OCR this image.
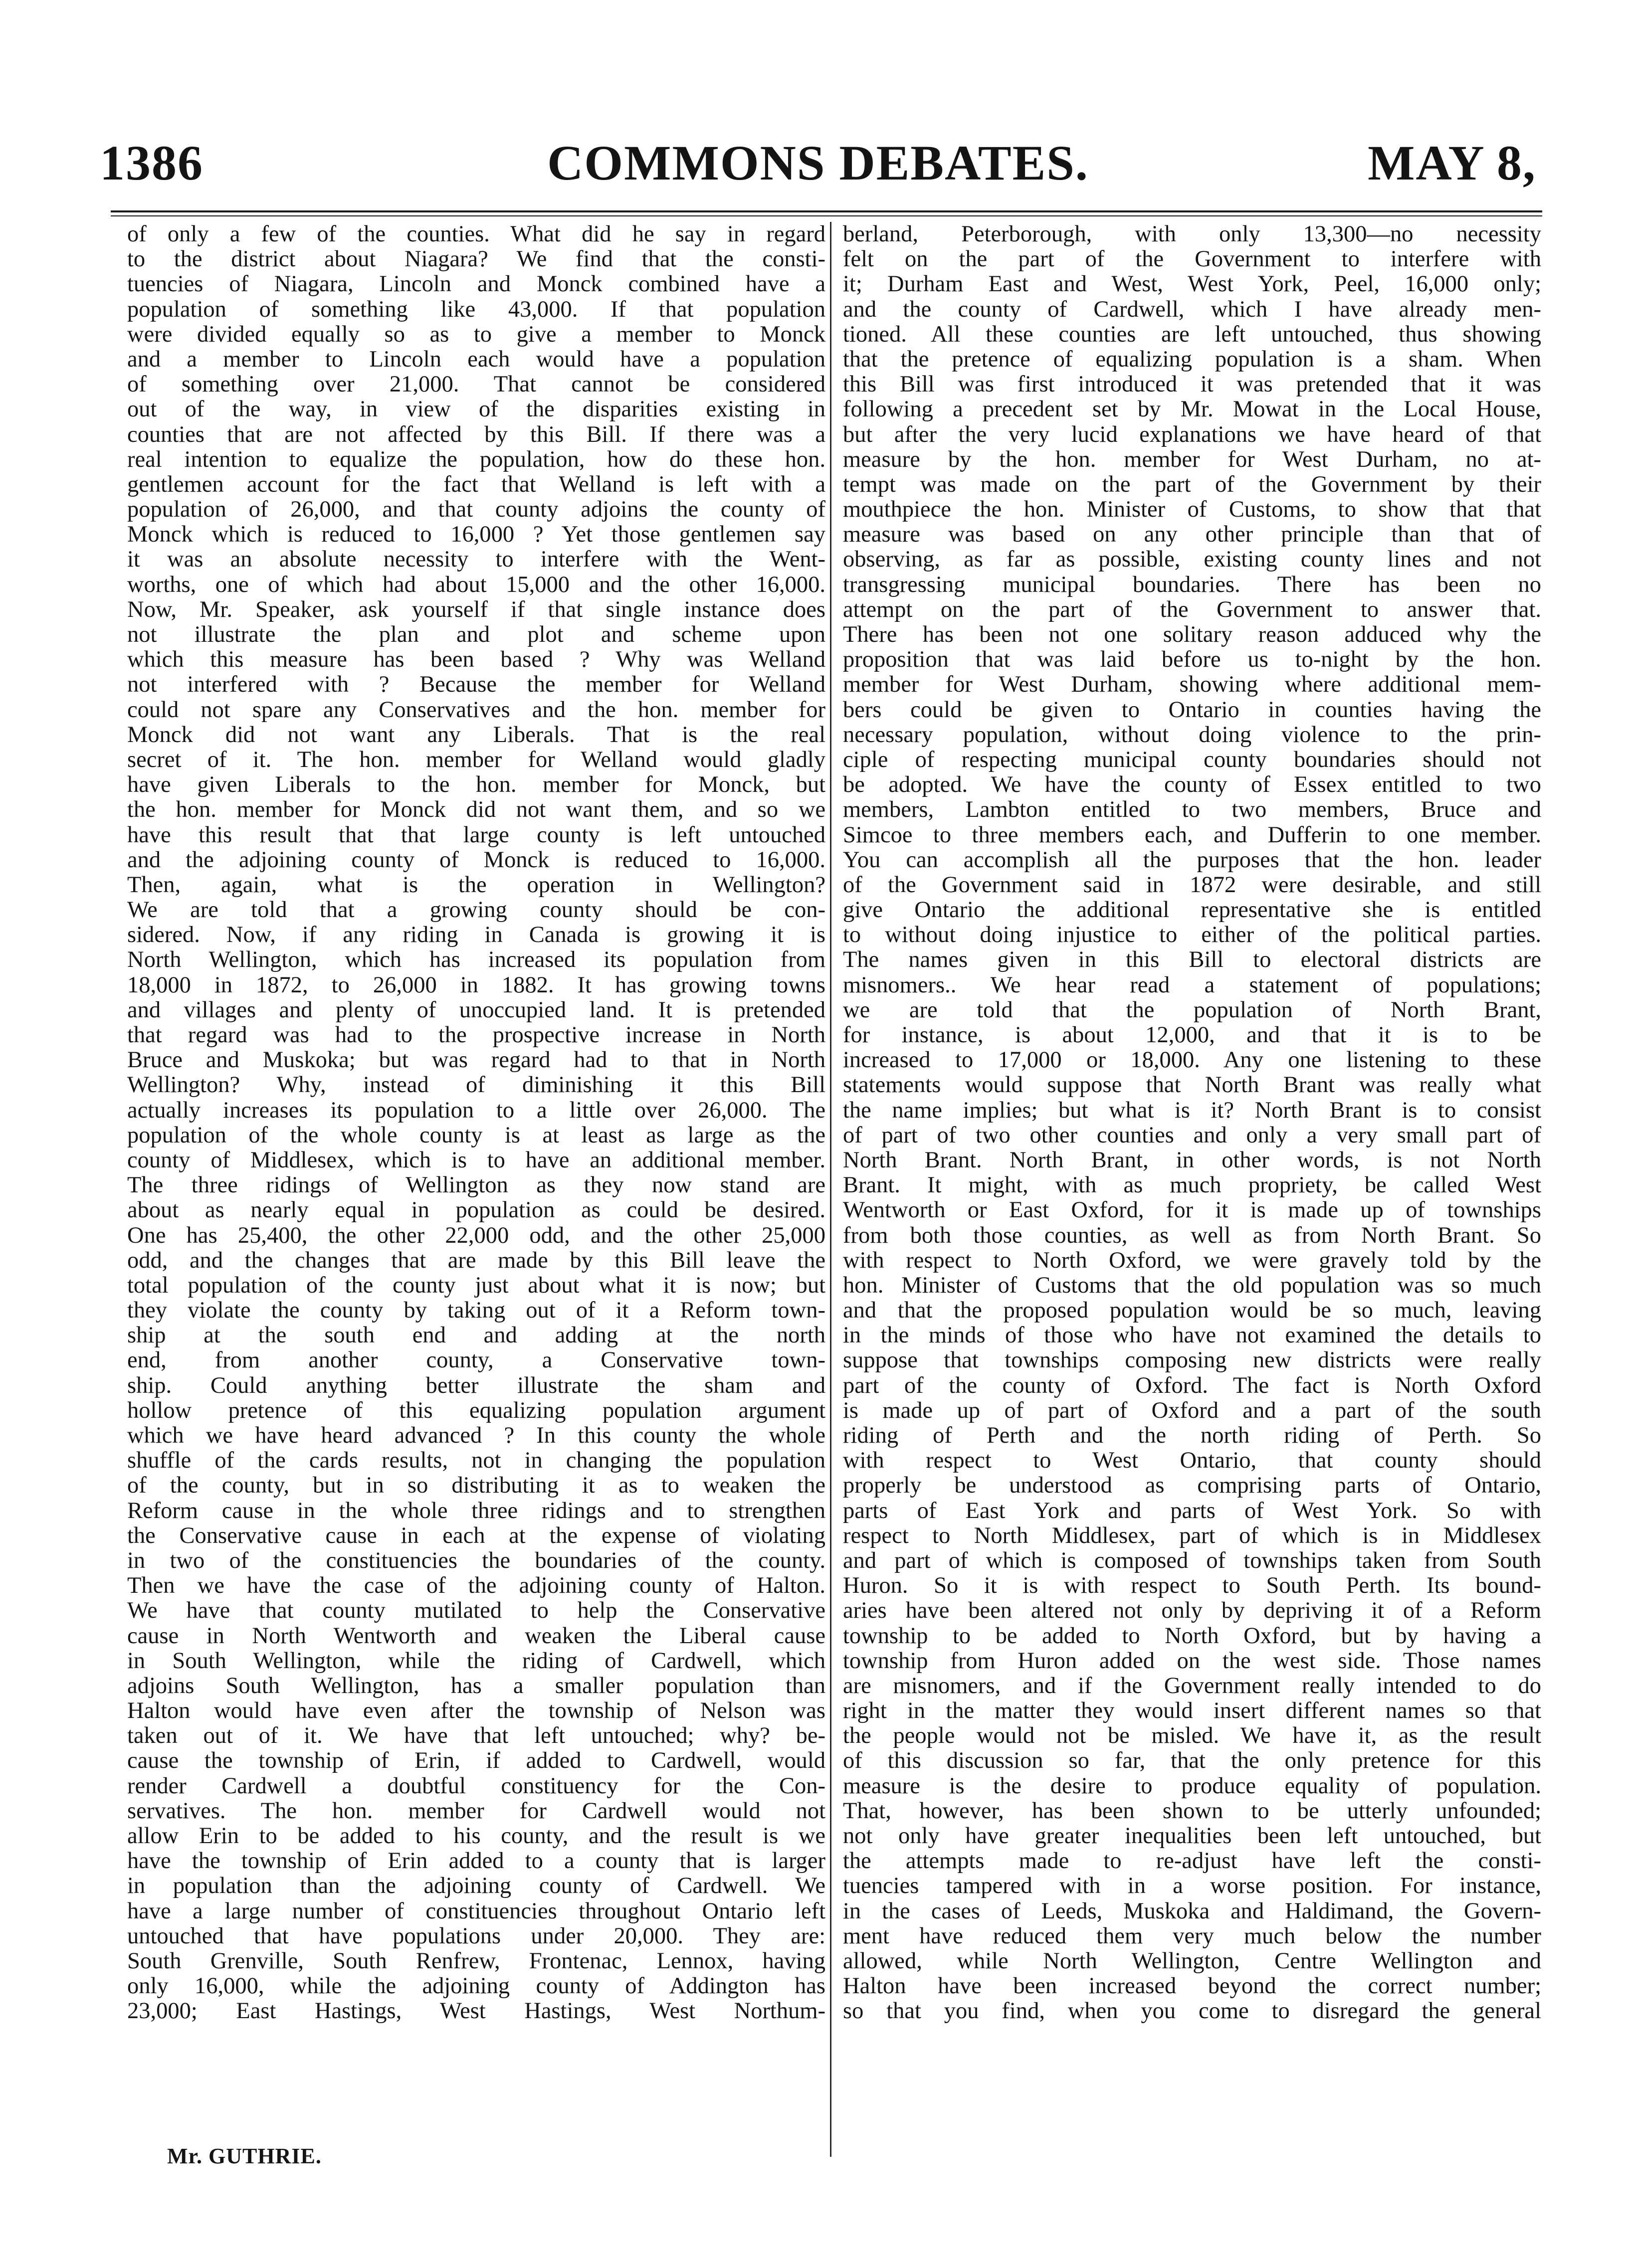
COMMONS DEBATES.
1386	MAY 8,
of only a few of the counties. What did he say in regard
to the district about Niagara? We find that the consti-
tuencies of Niagara, Lincoln and Monck combined have a
population of something like 43,000. If that population
were divided equally so as to give a member to Monck
and a member to Lincoln each would have a population
of something over 21,000. That cannot be considered
out of the way, in view of the disparities existing in
counties that are not affected by this Bill. If there was a
real intention to equalize the population, how do these hon.
gentlemen account for the fact that Welland is left with a
population of 26,000, and that county adjoins the county of
Monck which is reduced to 16,000 ? Yet those gentlemen say
it was an absolute necessity to interfere with the Went-
worths, one of which had about 15,000 and the other 16,000.
Now, Mr. Speaker, ask yourself if that single instance does
not illustrate the plan and plot and scheme upon
which this measure has been based ? Why was Welland
not interfered with ? Because the member for Welland
could not spare any Conservatives and the hon. member for
Monck did not want any Liberals. That is the real
secret of it. The hon. member for Welland would gladly
have given Liberals to the hon. member for Monck, but
the hon. member for Monck did not want them, and so we
have this result that that large county is left untouched
and the adjoining county of Monck is reduced to 16,000.
Then, again, what is the operation in Wellington?
We are told that a growing county should be con-
sidered. Now, if any riding in Canada is growing it is
North Wellington, which has increased its population from
18,000 in 1872, to 26,000 in 1882. It has growing towns
and villages and plenty of unoccupied land. It is pretended
that regard was had to the prospective increase in North
Bruce and Muskoka; but was regard had to that in North
Wellington? Why, instead of diminishing it this Bill
actually increases its population to a little over 26,000. The
population of the whole county is at least as large as the
county of Middlesex, which is to have an additional member.
The three ridings of Wellington as they now stand are
about as nearly equal in population as could be desired.
One has 25,400, the other 22,000 odd, and the other 25,000
odd, and the changes that are made by this Bill leave the
total population of the county just about what it is now; but
they violate the county by taking out of it a Reform town-
ship at the south end and adding at the north
end, from another county, a Conservative town-
ship. Could anything better illustrate the sham and
hollow pretence of this equalizing population argument
which we have heard advanced ? In this county the whole
shuffle of the cards results, not in changing the population
of the county, but in so distributing it as to weaken the
Reform cause in the whole three ridings and to strengthen
the Conservative cause in each at the expense of violating
in two of the constituencies the boundaries of the county.
Then we have the case of the adjoining county of Halton.
We have that county mutilated to help the Conservative
cause in North Wentworth and weaken the Liberal cause
in South Wellington, while the riding of Cardwell, which
adjoins South Wellington, has a smaller population than
Halton would have even after the township of Nelson was
taken out of it. We have that left untouched; why? be-
cause the township of Erin, if added to Cardwell, would
render Cardwell a doubtful constituency for the Con-
servatives. The hon. member for Cardwell would not
allow Erin to be added to his county, and the result is we
have the township of Erin added to a county that is larger
in population than the adjoining county of Cardwell. We
have a large number of constituencies throughout Ontario left
untouched that have populations under 20,000. They are:
South Grenville, South Renfrew, Frontenac, Lennox, having
only 16,000, while the adjoining county of Addington has
23,000; East Hastings, West Hastings, West Northum-
berland, Peterborough, with only 13,300—no necessity
felt on the part of the Government to interfere with
it; Durham East and West, West York, Peel, 16,000 only;
and the county of Cardwell, which I have already men-
tioned. All these counties are left untouched, thus showing
that the pretence of equalizing population is a sham. When
this Bill was first introduced it was pretended that it was
following a precedent set by Mr. Mowat in the Local House,
but after the very lucid explanations we have heard of that
measure by the hon. member for West Durham, no at-
tempt was made on the part of the Government by their
mouthpiece the hon. Minister of Customs, to show that that
measure was based on any other principle than that of
observing, as far as possible, existing county lines and not
transgressing municipal boundaries. There has been no
attempt on the part of the Government to answer that.
There has been not one solitary reason adduced why the
proposition that was laid before us to-night by the hon.
member for West Durham, showing where additional mem-
bers could be given to Ontario in counties having the
necessary population, without doing violence to the prin-
ciple of respecting municipal county boundaries should not
be adopted. We have the county of Essex entitled to two
members, Lambton entitled to two members, Bruce and
Simcoe to three members each, and Dufferin to one member.
You can accomplish all the purposes that the hon. leader
of the Government said in 1872 were desirable, and still
give Ontario the additional representative she is entitled
to without doing injustice to either of the political parties.
The names given in this Bill to electoral districts are
misnomers.. We hear read a statement of populations;
we are told that the population of North Brant,
for instance, is about 12,000, and that it is to be
increased to 17,000 or 18,000. Any one listening to these
statements would suppose that North Brant was really what
the name implies; but what is it? North Brant is to consist
of part of two other counties and only a very small part of
North Brant. North Brant, in other words, is not North
Brant. It might, with as much propriety, be called West
Wentworth or East Oxford, for it is made up of townships
from both those counties, as well as from North Brant. So
with respect to North Oxford, we were gravely told by the
hon. Minister of Customs that the old population was so much
and that the proposed population would be so much, leaving
in the minds of those who have not examined the details to
suppose that townships composing new districts were really
part of the county of Oxford. The fact is North Oxford
is made up of part of Oxford and a part of the south
riding of Perth and the north riding of Perth. So
with respect to West Ontario, that county should
properly be understood as comprising parts of Ontario,
parts of East York and parts of West York. So with
respect to North Middlesex, part of which is in Middlesex
and part of which is composed of townships taken from South
Huron. So it is with respect to South Perth. Its bound-
aries have been altered not only by depriving it of a Reform
township to be added to North Oxford, but by having a
township from Huron added on the west side. Those names
are misnomers, and if the Government really intended to do
right in the matter they would insert different names so that
the people would not be misled. We have it, as the result
of this discussion so far, that the only pretence for this
measure is the desire to produce equality of population.
That, however, has been shown to be utterly unfounded;
not only have greater inequalities been left untouched, but
the attempts made to re-adjust have left the consti-
tuencies tampered with in a worse position. For instance,
in the cases of Leeds, Muskoka and Haldimand, the Govern-
ment have reduced them very much below the number
allowed, while North Wellington, Centre Wellington and
Halton have been increased beyond the correct number;
so that you find, when you come to disregard the general
Mr. GUTHRIE.
